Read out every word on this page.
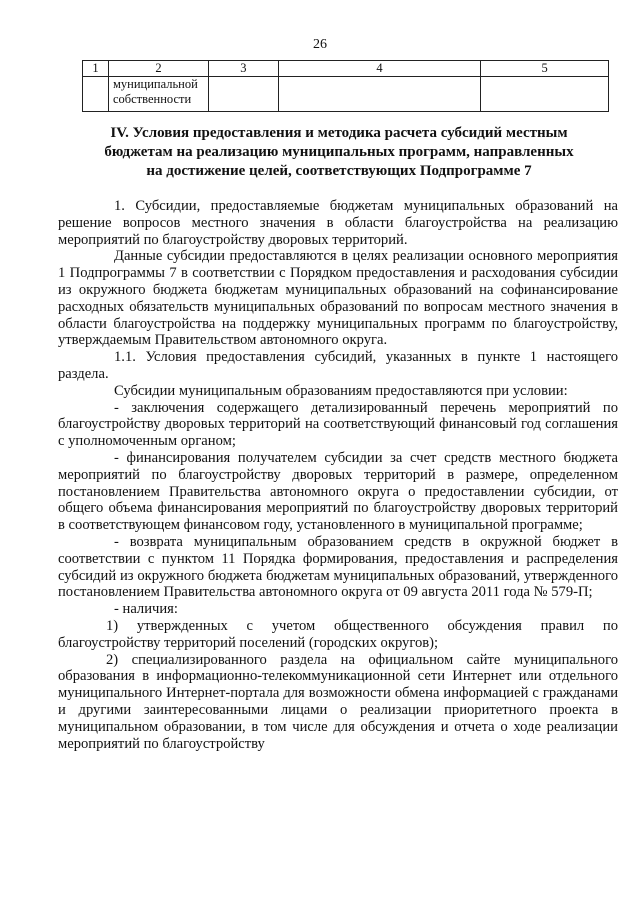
26
1	2	3	4	5
	муниципальной собственности			
IV. Условия предоставления и методика расчета субсидий местным
бюджетам на реализацию муниципальных программ, направленных
на достижение целей, соответствующих Подпрограмме 7

1. Субсидии, предоставляемые бюджетам муниципальных образований на решение вопросов местного значения в области благоустройства на реализацию мероприятий по благоустройству дворовых территорий.

Данные субсидии предоставляются в целях реализации основного мероприятия 1 Подпрограммы 7 в соответствии с Порядком предоставления и расходования субсидии из окружного бюджета бюджетам муниципальных образований на софинансирование расходных обязательств муниципальных образований по вопросам местного значения в области благоустройства на поддержку муниципальных программ по благоустройству, утверждаемым Правительством автономного округа.

1.1. Условия предоставления субсидий, указанных в пункте 1 настоящего раздела.

Субсидии муниципальным образованиям предоставляются при условии:

- заключения содержащего детализированный перечень мероприятий по благоустройству дворовых территорий на соответствующий финансовый год соглашения с уполномоченным органом;

- финансирования получателем субсидии за счет средств местного бюджета мероприятий по благоустройству дворовых территорий в размере, определенном постановлением Правительства автономного округа о предоставлении субсидии, от общего объема финансирования мероприятий по благоустройству дворовых территорий в соответствующем финансовом году, установленного в муниципальной программе;

- возврата муниципальным образованием средств в окружной бюджет в соответствии с пунктом 11 Порядка формирования, предоставления и распределения субсидий из окружного бюджета бюджетам муниципальных образований, утвержденного постановлением Правительства автономного округа от 09 августа 2011 года № 579-П;

- наличия:

1) утвержденных с учетом общественного обсуждения правил по благоустройству территорий поселений (городских округов);

2) специализированного раздела на официальном сайте муниципального образования в информационно-телекоммуникационной сети Интернет или отдельного муниципального Интернет-портала для возможности обмена информацией с гражданами и другими заинтересованными лицами о реализации приоритетного проекта в муниципальном образовании, в том числе для обсуждения и отчета о ходе реализации мероприятий по благоустройству
